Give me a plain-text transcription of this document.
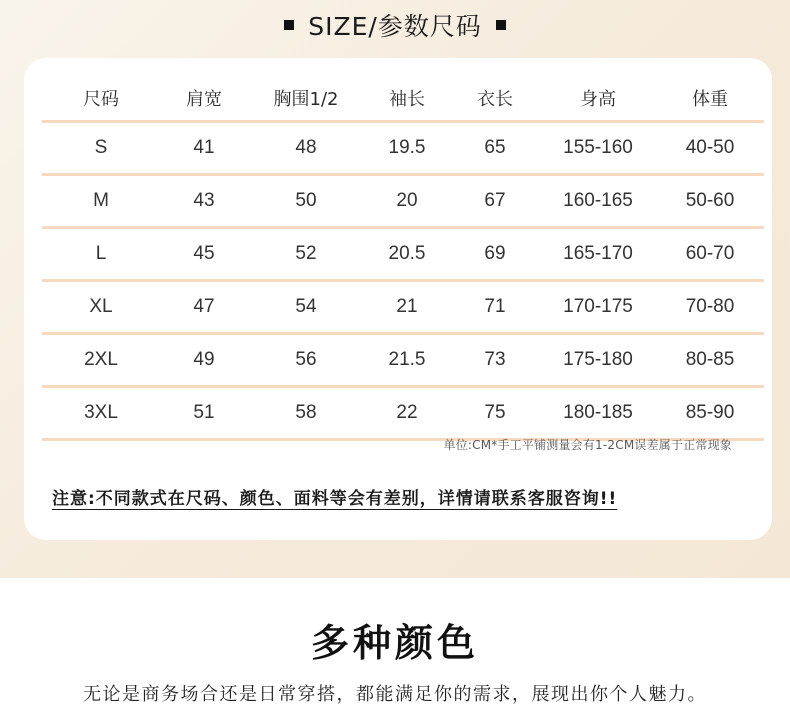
SIZE/参数尺码
尺码	肩宽	胸围1/2	袖长	衣长	身高	体重
S	41	48	19.5	65	155-160	40-50
M	43	50	20	67	160-165	50-60
L	45	52	20.5	69	165-170	60-70
XL	47	54	21	71	170-175	70-80
2XL	49	56	21.5	73	175-180	80-85
3XL	51	58	22	75	180-185	85-90
单位:CM*手工平铺测量会有1-2CM误差属于正常现象
注意:不同款式在尺码、颜色、面料等会有差别，详情请联系客服咨询!!
多种颜色
无论是商务场合还是日常穿搭，都能满足你的需求，展现出你个人魅力。
